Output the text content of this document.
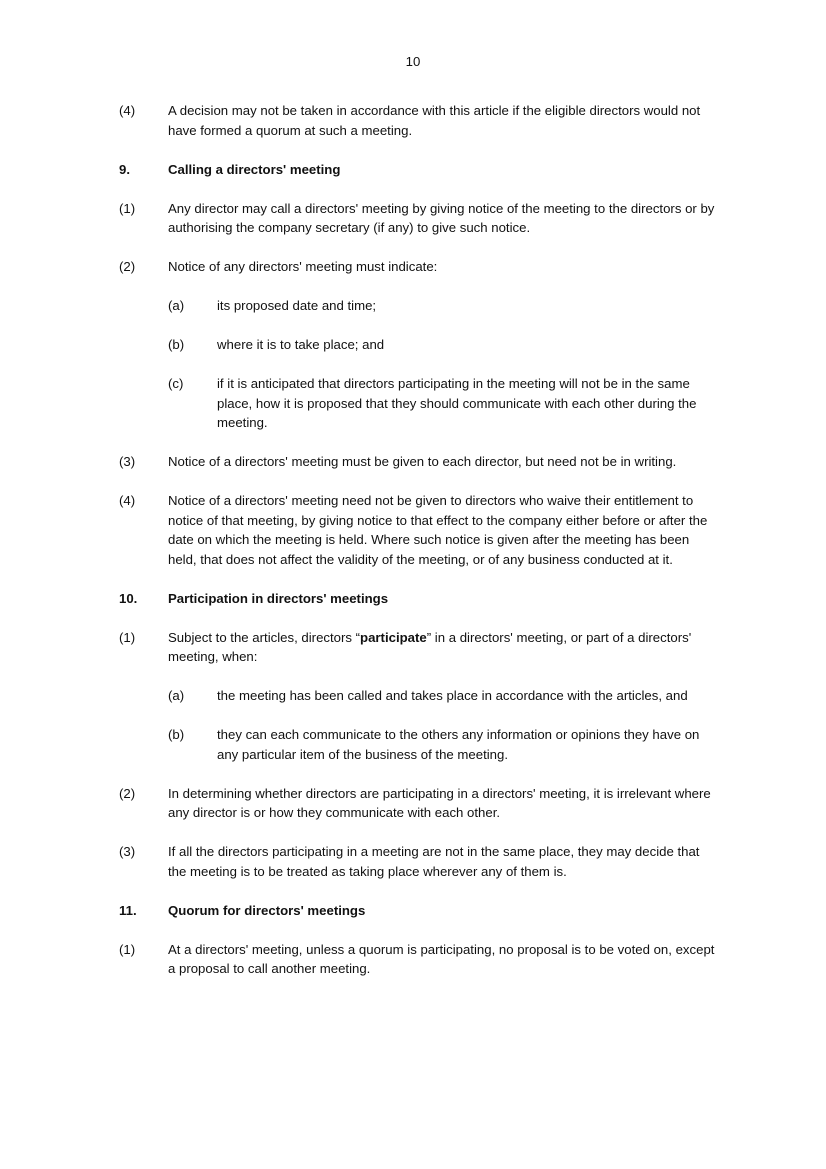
10
(4) A decision may not be taken in accordance with this article if the eligible directors would not have formed a quorum at such a meeting.
9.	Calling a directors' meeting
(1) Any director may call a directors' meeting by giving notice of the meeting to the directors or by authorising the company secretary (if any) to give such notice.
(2) Notice of any directors' meeting must indicate:
(a) its proposed date and time;
(b) where it is to take place; and
(c)	if it is anticipated that directors participating in the meeting will not be in the same place, how it is proposed that they should communicate with each other during the meeting.
(3) Notice of a directors' meeting must be given to each director, but need not be in writing.
(4) Notice of a directors' meeting need not be given to directors who waive their entitlement to notice of that meeting, by giving notice to that effect to the company either before or after the date on which the meeting is held. Where such notice is given after the meeting has been held, that does not affect the validity of the meeting, or of any business conducted at it.
10. Participation in directors' meetings
(1) Subject to the articles, directors “participate” in a directors' meeting, or part of a directors' meeting, when:
(a) the meeting has been called and takes place in accordance with the articles, and
(b) they can each communicate to the others any information or opinions they have on any particular item of the business of the meeting.
(2) In determining whether directors are participating in a directors' meeting, it is irrelevant where any director is or how they communicate with each other.
(3) If all the directors participating in a meeting are not in the same place, they may decide that the meeting is to be treated as taking place wherever any of them is.
11. Quorum for directors' meetings
(1) At a directors' meeting, unless a quorum is participating, no proposal is to be voted on, except a proposal to call another meeting.
